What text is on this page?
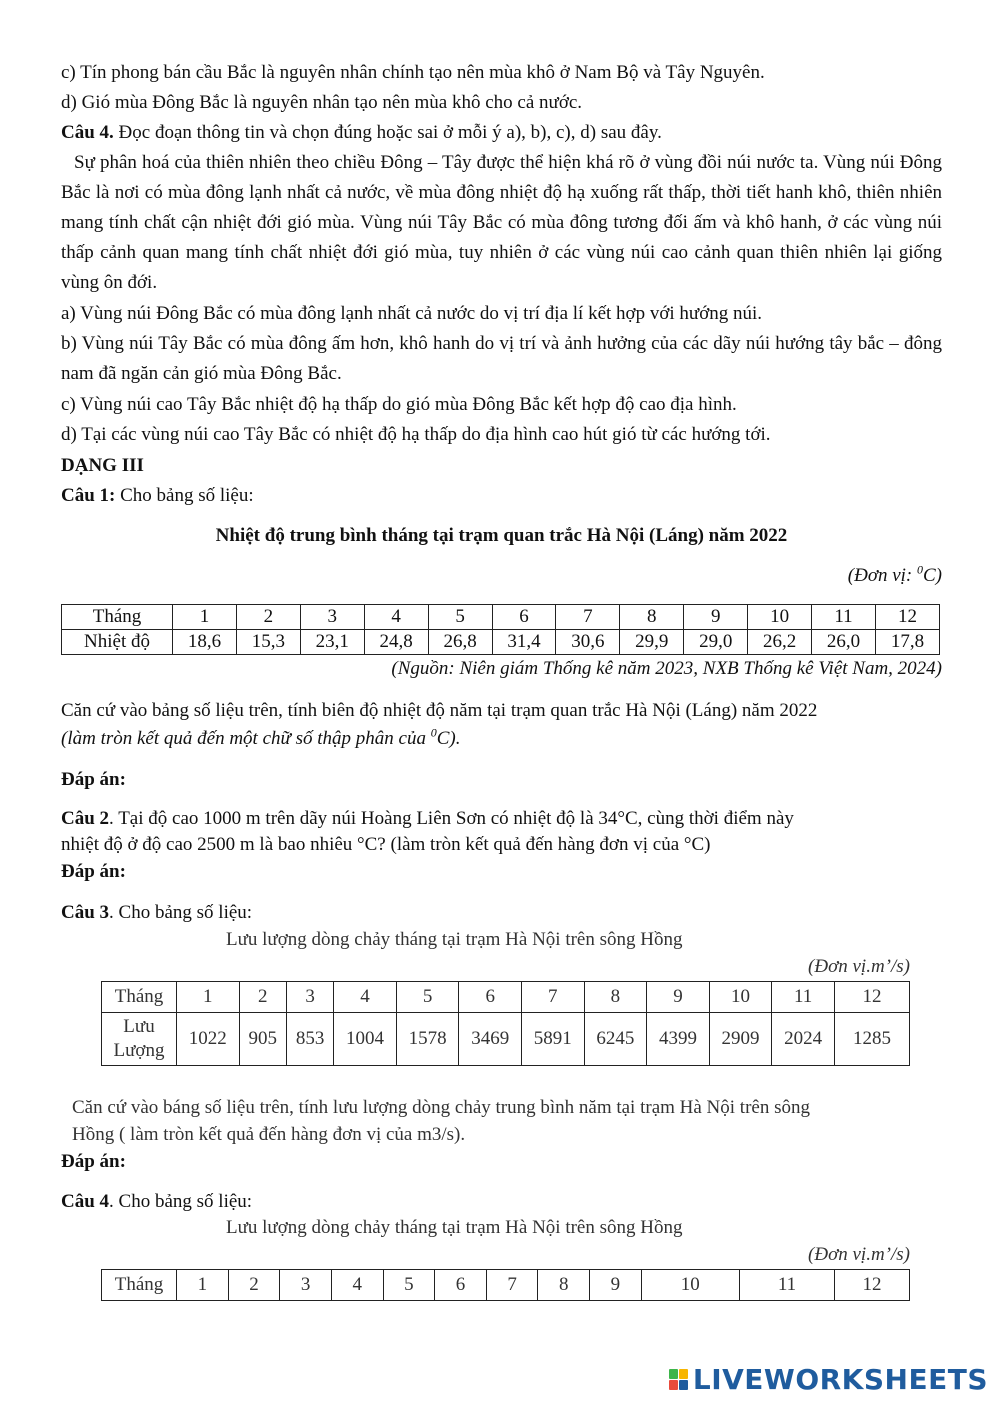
c) Tín phong bán cầu Bắc là nguyên nhân chính tạo nên mùa khô ở Nam Bộ và Tây Nguyên.
d) Gió mùa Đông Bắc là nguyên nhân tạo nên mùa khô cho cả nước.
Câu 4. Đọc đoạn thông tin và chọn đúng hoặc sai ở mỗi ý a), b), c), d) sau đây.
Sự phân hoá của thiên nhiên theo chiều Đông – Tây được thể hiện khá rõ ở vùng đồi núi nước ta. Vùng núi Đông Bắc là nơi có mùa đông lạnh nhất cả nước, về mùa đông nhiệt độ hạ xuống rất thấp, thời tiết hanh khô, thiên nhiên mang tính chất cận nhiệt đới gió mùa. Vùng núi Tây Bắc có mùa đông tương đối ấm và khô hanh, ở các vùng núi thấp cảnh quan mang tính chất nhiệt đới gió mùa, tuy nhiên ở các vùng núi cao cảnh quan thiên nhiên lại giống vùng ôn đới.
a) Vùng núi Đông Bắc có mùa đông lạnh nhất cả nước do vị trí địa lí kết hợp với hướng núi.
b) Vùng núi Tây Bắc có mùa đông ấm hơn, khô hanh do vị trí và ảnh hưởng của các dãy núi hướng tây bắc – đông nam đã ngăn cản gió mùa Đông Bắc.
c) Vùng núi cao Tây Bắc nhiệt độ hạ thấp do gió mùa Đông Bắc kết hợp độ cao địa hình.
d) Tại các vùng núi cao Tây Bắc có nhiệt độ hạ thấp do địa hình cao hút gió từ các hướng tới.
DẠNG III
Câu 1: Cho bảng số liệu:
Nhiệt độ trung bình tháng tại trạm quan trắc Hà Nội (Láng) năm 2022
(Đơn vị: $^0$C)
Tháng	1	2	3	4	5	6	7	8	9	10	11	12
Nhiệt độ	18,6	15,3	23,1	24,8	26,8	31,4	30,6	29,9	29,0	26,2	26,0	17,8
(Nguồn: Niên giám Thống kê năm 2023, NXB Thống kê Việt Nam, 2024)
Căn cứ vào bảng số liệu trên, tính biên độ nhiệt độ năm tại trạm quan trắc Hà Nội (Láng) năm 2022
(làm tròn kết quả đến một chữ số thập phân của $^0$C).
Đáp án:
Câu 2. Tại độ cao 1000 m trên dãy núi Hoàng Liên Sơn có nhiệt độ là 34°C, cùng thời điểm này
nhiệt độ ở độ cao 2500 m là bao nhiêu °C? (làm tròn kết quả đến hàng đơn vị của °C)
Đáp án:
Câu 3. Cho bảng số liệu:
Lưu lượng dòng chảy tháng tại trạm Hà Nội trên sông Hồng
(Đơn vị.m’/s)
Tháng	1	2	3	4	5	6	7	8	9	10	11	12
Lưu
Lượng	1022	905	853	1004	1578	3469	5891	6245	4399	2909	2024	1285
Căn cứ vào báng số liệu trên, tính lưu lượng dòng chảy trung bình năm tại trạm Hà Nội trên sông
Hồng ( làm tròn kết quả đến hàng đơn vị của m3/s).
Đáp án:
Câu 4. Cho bảng số liệu:
Lưu lượng dòng chảy tháng tại trạm Hà Nội trên sông Hồng
(Đơn vị.m’/s)
Tháng	1	2	3	4	5	6	7	8	9	10	11	12
LIVEWORKSHEETS
